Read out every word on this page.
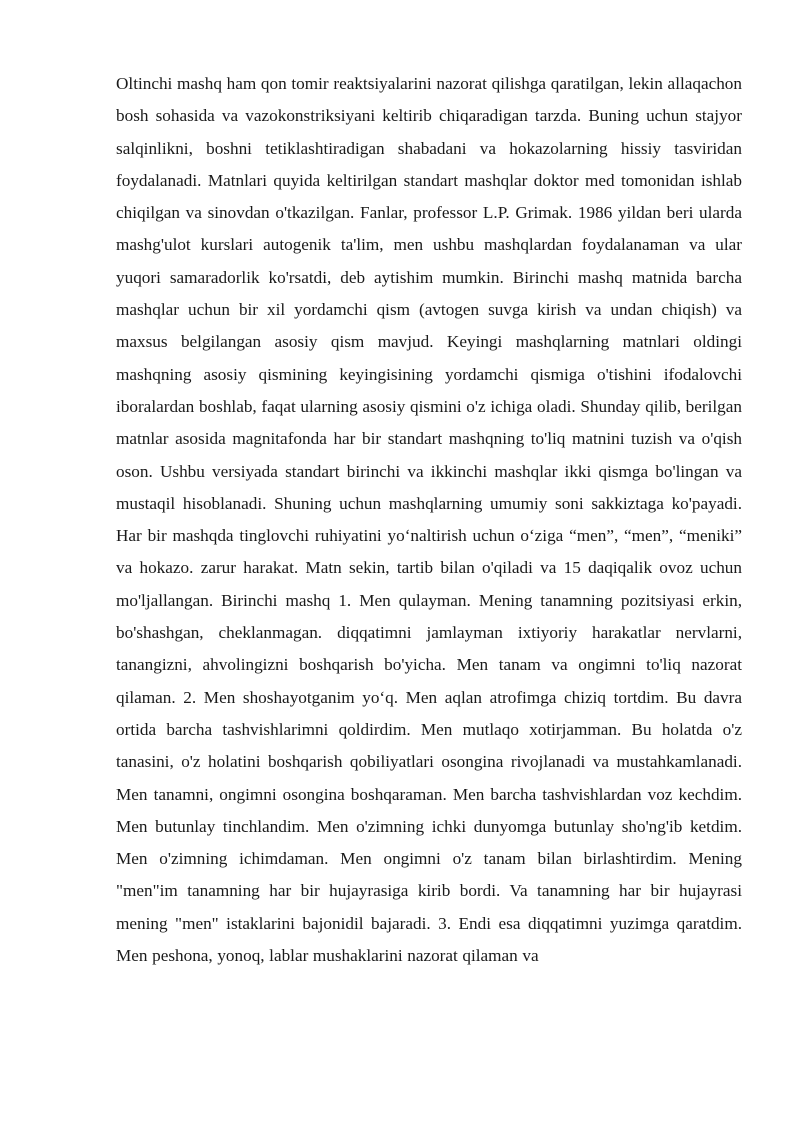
Oltinchi mashq ham qon tomir reaktsiyalarini nazorat qilishga qaratilgan, lekin allaqachon bosh sohasida va vazokonstriksiyani keltirib chiqaradigan tarzda. Buning uchun stajyor salqinlikni, boshni tetiklashtiradigan shabadani va hokazolarning hissiy tasviridan foydalanadi. Matnlari quyida keltirilgan standart mashqlar doktor med tomonidan ishlab chiqilgan va sinovdan o'tkazilgan. Fanlar, professor L.P. Grimak. 1986 yildan beri ularda mashg'ulot kurslari autogenik ta'lim, men ushbu mashqlardan foydalanaman va ular yuqori samaradorlik ko'rsatdi, deb aytishim mumkin. Birinchi mashq matnida barcha mashqlar uchun bir xil yordamchi qism (avtogen suvga kirish va undan chiqish) va maxsus belgilangan asosiy qism mavjud. Keyingi mashqlarning matnlari oldingi mashqning asosiy qismining keyingisining yordamchi qismiga o'tishini ifodalovchi iboralardan boshlab, faqat ularning asosiy qismini o'z ichiga oladi. Shunday qilib, berilgan matnlar asosida magnitafonda har bir standart mashqning to'liq matnini tuzish va o'qish oson. Ushbu versiyada standart birinchi va ikkinchi mashqlar ikki qismga bo'lingan va mustaqil hisoblanadi. Shuning uchun mashqlarning umumiy soni sakkiztaga ko'payadi. Har bir mashqda tinglovchi ruhiyatini yo‘naltirish uchun o‘ziga “men”, “men”, “meniki” va hokazo. zarur harakat. Matn sekin, tartib bilan o'qiladi va 15 daqiqalik ovoz uchun mo'ljallangan. Birinchi mashq 1. Men qulayman. Mening tanamning pozitsiyasi erkin, bo'shashgan, cheklanmagan. diqqatimni jamlayman ixtiyoriy harakatlar nervlarni, tanangizni, ahvolingizni boshqarish bo'yicha. Men tanam va ongimni to'liq nazorat qilaman. 2. Men shoshayotganim yo‘q. Men aqlan atrofimga chiziq tortdim. Bu davra ortida barcha tashvishlarimni qoldirdim. Men mutlaqo xotirjamman. Bu holatda o'z tanasini, o'z holatini boshqarish qobiliyatlari osongina rivojlanadi va mustahkamlanadi. Men tanamni, ongimni osongina boshqaraman. Men barcha tashvishlardan voz kechdim. Men butunlay tinchlandim. Men o'zimning ichki dunyomga butunlay sho'ng'ib ketdim. Men o'zimning ichimdaman. Men ongimni o'z tanam bilan birlashtirdim. Mening "men"im tanamning har bir hujayrasiga kirib bordi. Va tanamning har bir hujayrasi mening "men" istaklarini bajonidil bajaradi. 3. Endi esa diqqatimni yuzimga qaratdim. Men peshona, yonoq, lablar mushaklarini nazorat qilaman va
